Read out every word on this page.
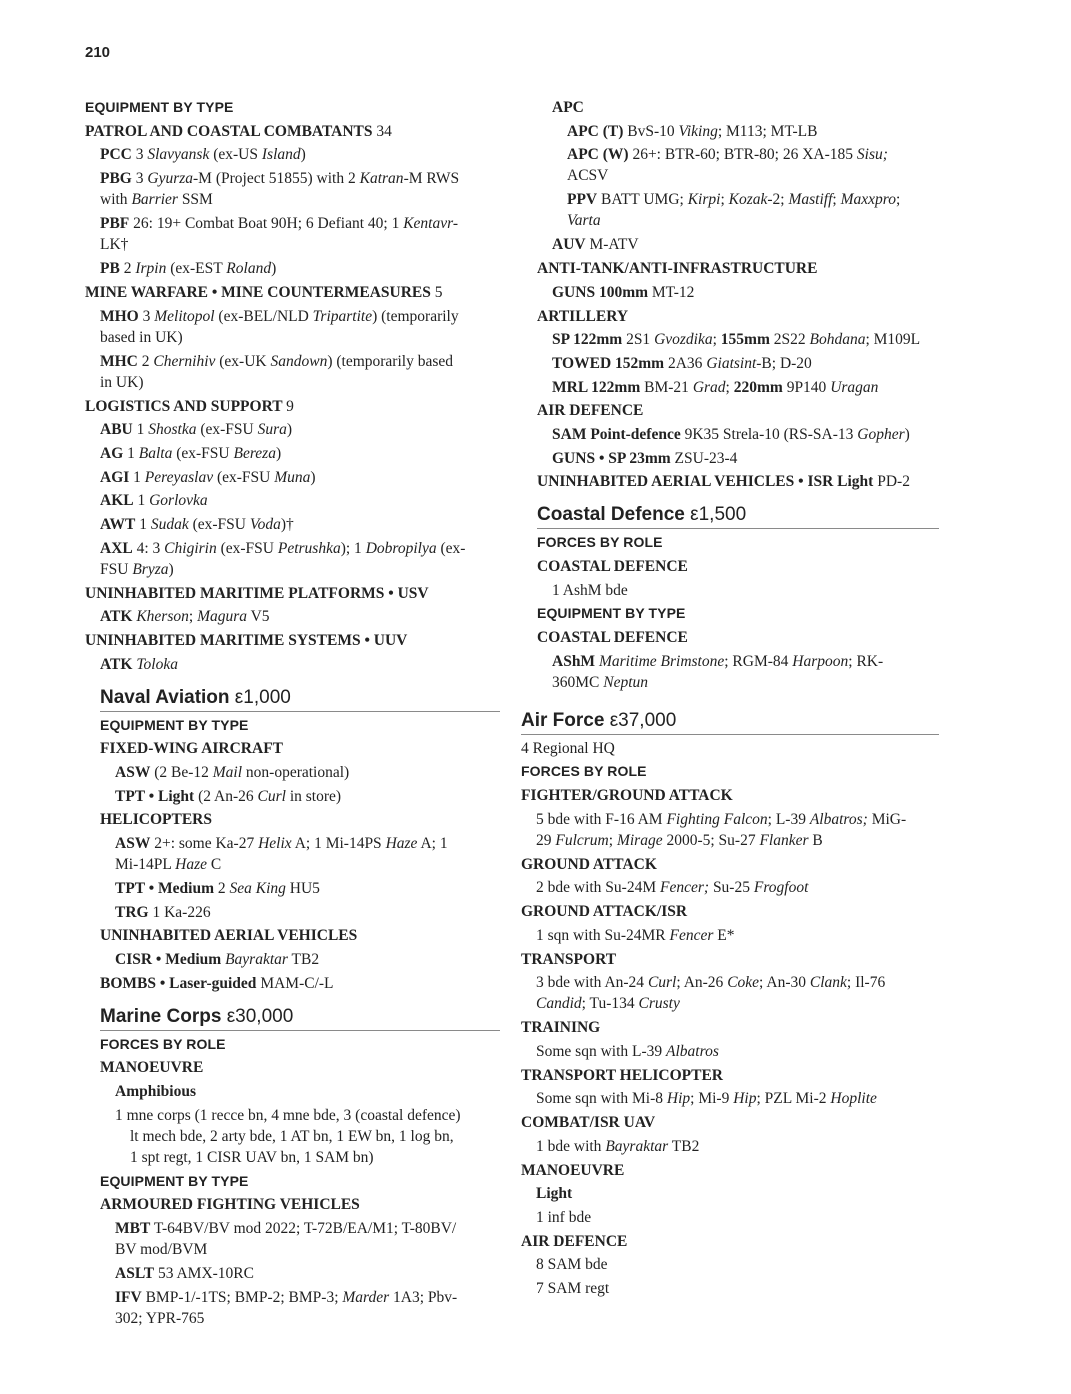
210
EQUIPMENT BY TYPE
PATROL AND COASTAL COMBATANTS 34
PCC 3 Slavyansk (ex-US Island)
PBG 3 Gyurza-M (Project 51855) with 2 Katran-M RWS
with Barrier SSM
PBF 26: 19+ Combat Boat 90H; 6 Defiant 40; 1 Kentavr-
LK†
PB 2 Irpin (ex-EST Roland)
MINE WARFARE • MINE COUNTERMEASURES 5
MHO 3 Melitopol (ex-BEL/NLD Tripartite) (temporarily
based in UK)
MHC 2 Chernihiv (ex-UK Sandown) (temporarily based
in UK)
LOGISTICS AND SUPPORT 9
ABU 1 Shostka (ex-FSU Sura)
AG 1 Balta (ex-FSU Bereza)
AGI 1 Pereyaslav (ex-FSU Muna)
AKL 1 Gorlovka
AWT 1 Sudak (ex-FSU Voda)†
AXL 4: 3 Chigirin (ex-FSU Petrushka); 1 Dobropilya (ex-
FSU Bryza)
UNINHABITED MARITIME PLATFORMS • USV
ATK Kherson; Magura V5
UNINHABITED MARITIME SYSTEMS • UUV
ATK Toloka
Naval Aviation ε1,000
EQUIPMENT BY TYPE
FIXED-WING AIRCRAFT
ASW (2 Be-12 Mail non-operational)
TPT • Light (2 An-26 Curl in store)
HELICOPTERS
ASW 2+: some Ka-27 Helix A; 1 Mi-14PS Haze A; 1
Mi-14PL Haze C
TPT • Medium 2 Sea King HU5
TRG 1 Ka-226
UNINHABITED AERIAL VEHICLES
CISR • Medium Bayraktar TB2
BOMBS • Laser-guided MAM-C/-L
Marine Corps ε30,000
FORCES BY ROLE
MANOEUVRE
Amphibious
1 mne corps (1 recce bn, 4 mne bde, 3 (coastal defence)
lt mech bde, 2 arty bde, 1 AT bn, 1 EW bn, 1 log bn,
1 spt regt, 1 CISR UAV bn, 1 SAM bn)
EQUIPMENT BY TYPE
ARMOURED FIGHTING VEHICLES
MBT T-64BV/BV mod 2022; T-72B/EA/M1; T-80BV/
BV mod/BVM
ASLT 53 AMX-10RC
IFV BMP-1/-1TS; BMP-2; BMP-3; Marder 1A3; Pbv-
302; YPR-765
APC
APC (T) BvS-10 Viking; M113; MT-LB
APC (W) 26+: BTR-60; BTR-80; 26 XA-185 Sisu;
ACSV
PPV BATT UMG; Kirpi; Kozak-2; Mastiff; Maxxpro;
Varta
AUV M-ATV
ANTI-TANK/ANTI-INFRASTRUCTURE
GUNS 100mm MT-12
ARTILLERY
SP 122mm 2S1 Gvozdika; 155mm 2S22 Bohdana; M109L
TOWED 152mm 2A36 Giatsint-B; D-20
MRL 122mm BM-21 Grad; 220mm 9P140 Uragan
AIR DEFENCE
SAM Point-defence 9K35 Strela-10 (RS-SA-13 Gopher)
GUNS • SP 23mm ZSU-23-4
UNINHABITED AERIAL VEHICLES • ISR Light PD-2
Coastal Defence ε1,500
FORCES BY ROLE
COASTAL DEFENCE
1 AshM bde
EQUIPMENT BY TYPE
COASTAL DEFENCE
AShM Maritime Brimstone; RGM-84 Harpoon; RK-
360MC Neptun
Air Force ε37,000
4 Regional HQ
FORCES BY ROLE
FIGHTER/GROUND ATTACK
5 bde with F-16 AM Fighting Falcon; L-39 Albatros; MiG-
29 Fulcrum; Mirage 2000-5; Su-27 Flanker B
GROUND ATTACK
2 bde with Su-24M Fencer; Su-25 Frogfoot
GROUND ATTACK/ISR
1 sqn with Su-24MR Fencer E*
TRANSPORT
3 bde with An-24 Curl; An-26 Coke; An-30 Clank; Il-76
Candid; Tu-134 Crusty
TRAINING
Some sqn with L-39 Albatros
TRANSPORT HELICOPTER
Some sqn with Mi-8 Hip; Mi-9 Hip; PZL Mi-2 Hoplite
COMBAT/ISR UAV
1 bde with Bayraktar TB2
MANOEUVRE
Light
1 inf bde
AIR DEFENCE
8 SAM bde
7 SAM regt
